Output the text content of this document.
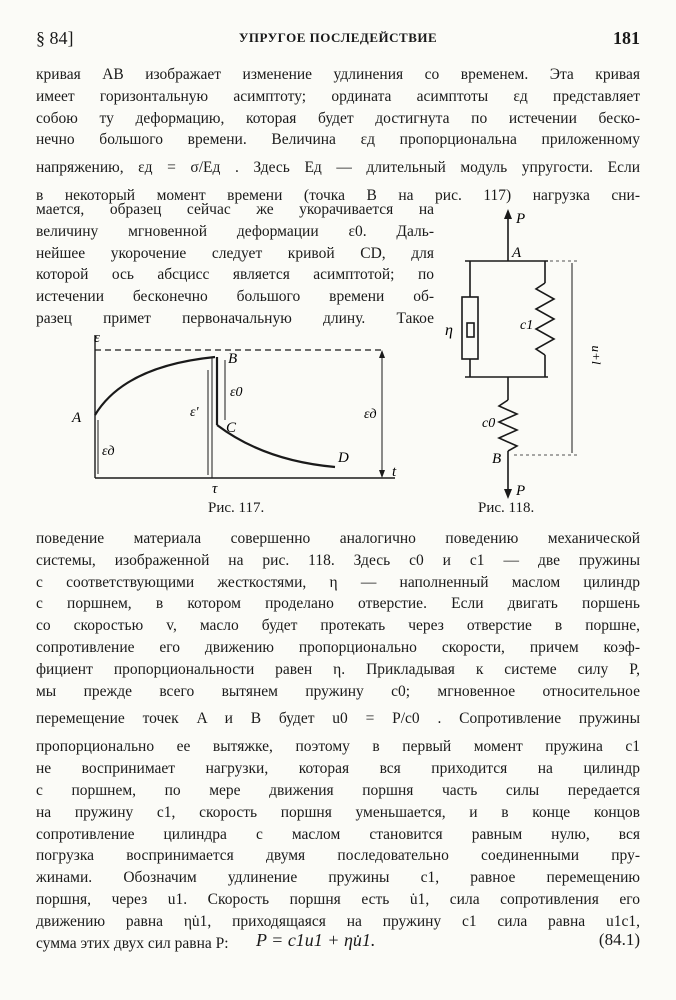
§ 84]	УПРУГОЕ ПОСЛЕДЕЙСТВИЕ	181
кривая AB изображает изменение удлинения со временем. Эта кривая
имеет горизонтальную асимптоту; ордината асимптоты εд представляет
собою ту деформацию, которая будет достигнута по истечении беско-
нечно большого времени. Величина εд пропорциональна приложенному
напряжению, εд = σ/Eд . Здесь Eд — длительный модуль упругости. Если
в некоторый момент времени (точка B на рис. 117) нагрузка сни-
мается, образец сейчас же укорачивается на
величину мгновенной деформации ε0. Даль-
нейшее укорочение следует кривой CD, для
которой ось абсцисс является асимптотой; по
истечении бесконечно большого времени об-
разец примет первоначальную длину. Такое
ε
A
B
C
D
εд
ε0
ε'	εд
t
τ
Рис. 117.
P
A
η	c1
c0
B
P
u+l
Рис. 118.
поведение материала совершенно аналогично поведению механической
системы, изображенной на рис. 118. Здесь c0 и c1 — две пружины
с соответствующими жесткостями, η — наполненный маслом цилиндр
с поршнем, в котором проделано отверстие. Если двигать поршень
со скоростью v, масло будет протекать через отверстие в поршне,
сопротивление его движению пропорционально скорости, причем коэф-
фициент пропорциональности равен η. Прикладывая к системе силу P,
мы прежде всего вытянем пружину c0; мгновенное относительное
перемещение точек A и B будет u0 = P/c0 . Сопротивление пружины
пропорционально ее вытяжке, поэтому в первый момент пружина c1
не воспринимает нагрузки, которая вся приходится на цилиндр
с поршнем, по мере движения поршня часть силы передается
на пружину c1, скорость поршня уменьшается, и в конце концов
сопротивление цилиндра с маслом становится равным нулю, вся
погрузка воспринимается двумя последовательно соединенными пру-
жинами. Обозначим удлинение пружины c1, равное перемещению
поршня, через u1. Скорость поршня есть u̇1, сила сопротивления его
движению равна ηu̇1, приходящаяся на пружину c1 сила равна u1c1,
сумма этих двух сил равна P:	P = c1u1 + ηu̇1.	(84.1)
